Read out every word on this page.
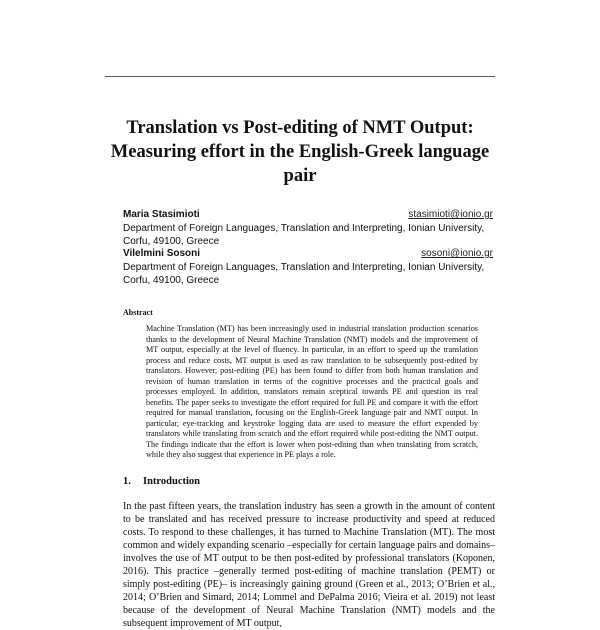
Translation vs Post-editing of NMT Output: Measuring effort in the English-Greek language pair
Maria Stasimioti	stasimioti@ionio.gr
Department of Foreign Languages, Translation and Interpreting, Ionian University, Corfu, 49100, Greece
Vilelmini Sosoni	sosoni@ionio.gr
Department of Foreign Languages, Translation and Interpreting, Ionian University, Corfu, 49100, Greece
Abstract
Machine Translation (MT) has been increasingly used in industrial translation production scenarios thanks to the development of Neural Machine Translation (NMT) models and the improvement of MT output, especially at the level of fluency. In particular, in an effort to speed up the translation process and reduce costs, MT output is used as raw translation to be subsequently post-edited by translators. However, post-editing (PE) has been found to differ from both human translation and revision of human translation in terms of the cognitive processes and the practical goals and processes employed. In addition, translators remain sceptical towards PE and question its real benefits. The paper seeks to investigate the effort required for full PE and compare it with the effort required for manual translation, focusing on the English-Greek language pair and NMT output. In particular, eye-tracking and keystroke logging data are used to measure the effort expended by translators while translating from scratch and the effort required while post-editing the NMT output. The findings indicate that the effort is lower when post-editing than when translating from scratch, while they also suggest that experience in PE plays a role.
1. Introduction
In the past fifteen years, the translation industry has seen a growth in the amount of content to be translated and has received pressure to increase productivity and speed at reduced costs. To respond to these challenges, it has turned to Machine Translation (MT). The most common and widely expanding scenario –especially for certain language pairs and domains– involves the use of MT output to be then post-edited by professional translators (Koponen, 2016). This practice –generally termed post-editing of machine translation (PEMT) or simply post-editing (PE)– is increasingly gaining ground (Green et al., 2013; O’Brien et al., 2014; O’Brien and Simard, 2014; Lommel and DePalma 2016; Vieira et al. 2019) not least because of the development of Neural Machine Translation (NMT) models and the subsequent improvement of MT output,
